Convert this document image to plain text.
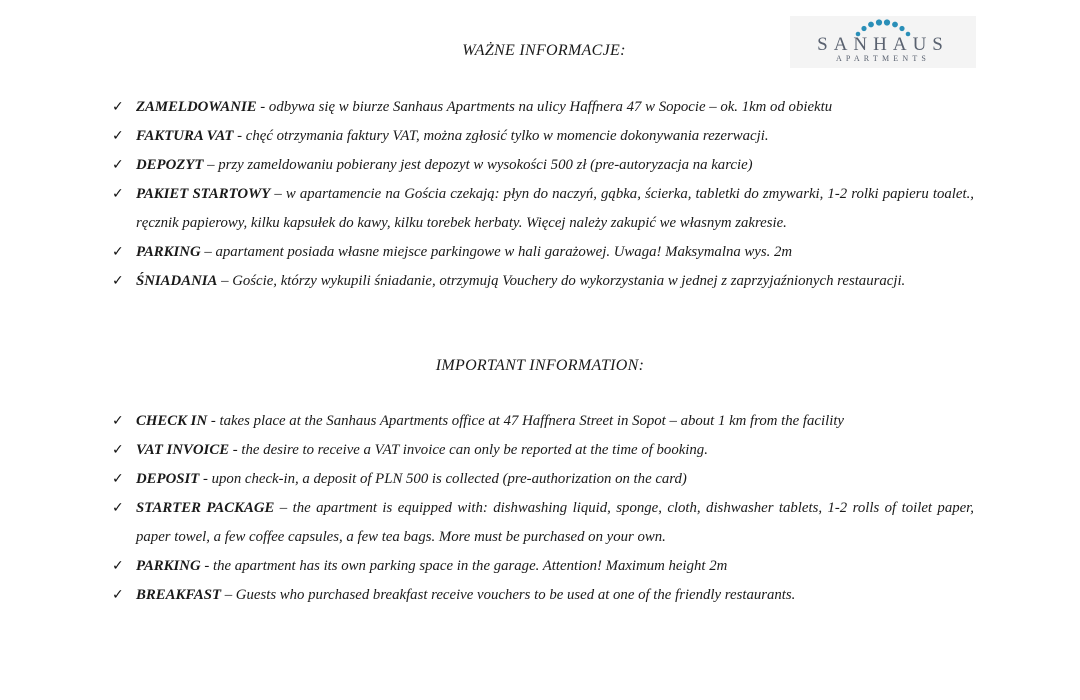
SANHAUS
APARTMENTS
WAŻNE INFORMACJE:
✓ ZAMELDOWANIE - odbywa się w biurze Sanhaus Apartments na ulicy Haffnera 47 w Sopocie – ok. 1km od obiektu
✓ FAKTURA VAT - chęć otrzymania faktury VAT, można zgłosić tylko w momencie dokonywania rezerwacji.
✓ DEPOZYT – przy zameldowaniu pobierany jest depozyt w wysokości 500 zł (pre-autoryzacja na karcie)
✓ PAKIET STARTOWY – w apartamencie na Gościa czekają: płyn do naczyń, gąbka, ścierka, tabletki do zmywarki, 1-2 rolki papieru toalet., ręcznik papierowy, kilku kapsułek do kawy, kilku torebek herbaty. Więcej należy zakupić we własnym zakresie.
✓ PARKING – apartament posiada własne miejsce parkingowe w hali garażowej. Uwaga! Maksymalna wys. 2m
✓ ŚNIADANIA – Goście, którzy wykupili śniadanie, otrzymują Vouchery do wykorzystania w jednej z zaprzyjaźnionych restauracji.
IMPORTANT INFORMATION:
✓ CHECK IN - takes place at the Sanhaus Apartments office at 47 Haffnera Street in Sopot – about 1 km from the facility
✓ VAT INVOICE - the desire to receive a VAT invoice can only be reported at the time of booking.
✓ DEPOSIT - upon check-in, a deposit of PLN 500 is collected (pre-authorization on the card)
✓ STARTER PACKAGE – the apartment is equipped with: dishwashing liquid, sponge, cloth, dishwasher tablets, 1-2 rolls of toilet paper, paper towel, a few coffee capsules, a few tea bags. More must be purchased on your own.
✓ PARKING - the apartment has its own parking space in the garage. Attention! Maximum height 2m
✓ BREAKFAST – Guests who purchased breakfast receive vouchers to be used at one of the friendly restaurants.
